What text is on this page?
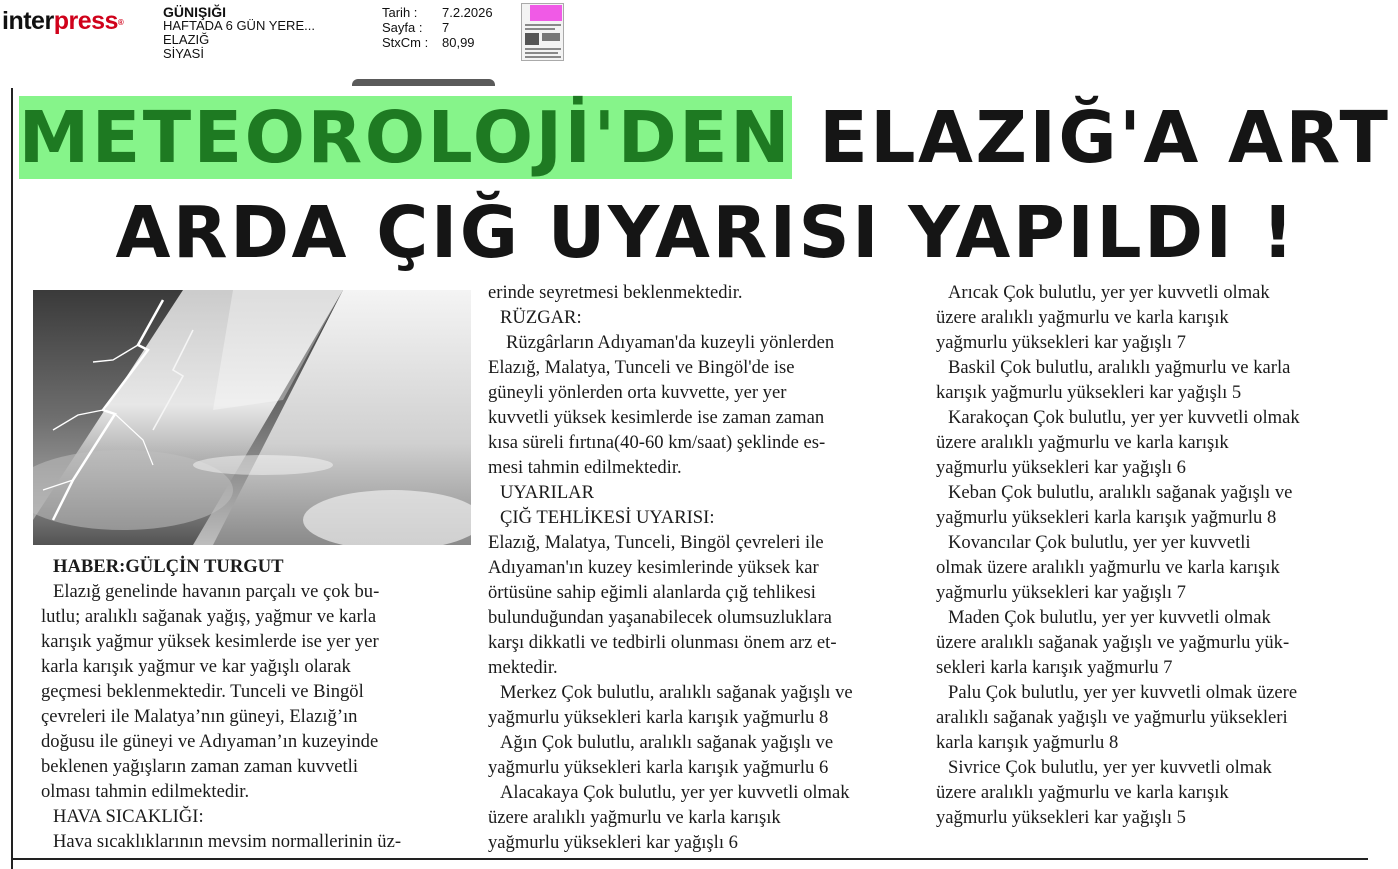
interpress®
GÜNIŞIĞI
HAFTADA 6 GÜN YERE...
ELAZIĞ
SİYASİ
Tarih :	7.2.2026
Sayfa :	7
StxCm :	80,99
METEOROLOJİ'DEN ELAZIĞ'A ART
ARDA ÇIĞ UYARISI YAPILDI !

HABER:GÜLÇİN TURGUT

Elazığ genelinde havanın parçalı ve çok bu-

lutlu; aralıklı sağanak yağış, yağmur ve karla

karışık yağmur yüksek kesimlerde ise yer yer

karla karışık yağmur ve kar yağışlı olarak

geçmesi beklenmektedir. Tunceli ve Bingöl

çevreleri ile Malatya’nın güneyi, Elazığ’ın

doğusu ile güneyi ve Adıyaman’ın kuzeyinde

beklenen yağışların zaman zaman kuvvetli

olması tahmin edilmektedir.

HAVA SICAKLIĞI:

Hava sıcaklıklarının mevsim normallerinin üz-

erinde seyretmesi beklenmektedir.

RÜZGAR:

Rüzgârların Adıyaman'da kuzeyli yönlerden

Elazığ, Malatya, Tunceli ve Bingöl'de ise

güneyli yönlerden orta kuvvette, yer yer

kuvvetli yüksek kesimlerde ise zaman zaman

kısa süreli fırtına(40-60 km/saat) şeklinde es-

mesi tahmin edilmektedir.

UYARILAR

ÇIĞ TEHLİKESİ UYARISI:

Elazığ, Malatya, Tunceli, Bingöl çevreleri ile

Adıyaman'ın kuzey kesimlerinde yüksek kar

örtüsüne sahip eğimli alanlarda çığ tehlikesi

bulunduğundan yaşanabilecek olumsuzluklara

karşı dikkatli ve tedbirli olunması önem arz et-

mektedir.

Merkez Çok bulutlu, aralıklı sağanak yağışlı ve

yağmurlu yüksekleri karla karışık yağmurlu 8

Ağın Çok bulutlu, aralıklı sağanak yağışlı ve

yağmurlu yüksekleri karla karışık yağmurlu 6

Alacakaya Çok bulutlu, yer yer kuvvetli olmak

üzere aralıklı yağmurlu ve karla karışık

yağmurlu yüksekleri kar yağışlı 6

Arıcak Çok bulutlu, yer yer kuvvetli olmak

üzere aralıklı yağmurlu ve karla karışık

yağmurlu yüksekleri kar yağışlı 7

Baskil Çok bulutlu, aralıklı yağmurlu ve karla

karışık yağmurlu yüksekleri kar yağışlı 5

Karakoçan Çok bulutlu, yer yer kuvvetli olmak

üzere aralıklı yağmurlu ve karla karışık

yağmurlu yüksekleri kar yağışlı 6

Keban Çok bulutlu, aralıklı sağanak yağışlı ve

yağmurlu yüksekleri karla karışık yağmurlu 8

Kovancılar Çok bulutlu, yer yer kuvvetli

olmak üzere aralıklı yağmurlu ve karla karışık

yağmurlu yüksekleri kar yağışlı 7

Maden Çok bulutlu, yer yer kuvvetli olmak

üzere aralıklı sağanak yağışlı ve yağmurlu yük-

sekleri karla karışık yağmurlu 7

Palu Çok bulutlu, yer yer kuvvetli olmak üzere

aralıklı sağanak yağışlı ve yağmurlu yüksekleri

karla karışık yağmurlu 8

Sivrice Çok bulutlu, yer yer kuvvetli olmak

üzere aralıklı yağmurlu ve karla karışık

yağmurlu yüksekleri kar yağışlı 5
